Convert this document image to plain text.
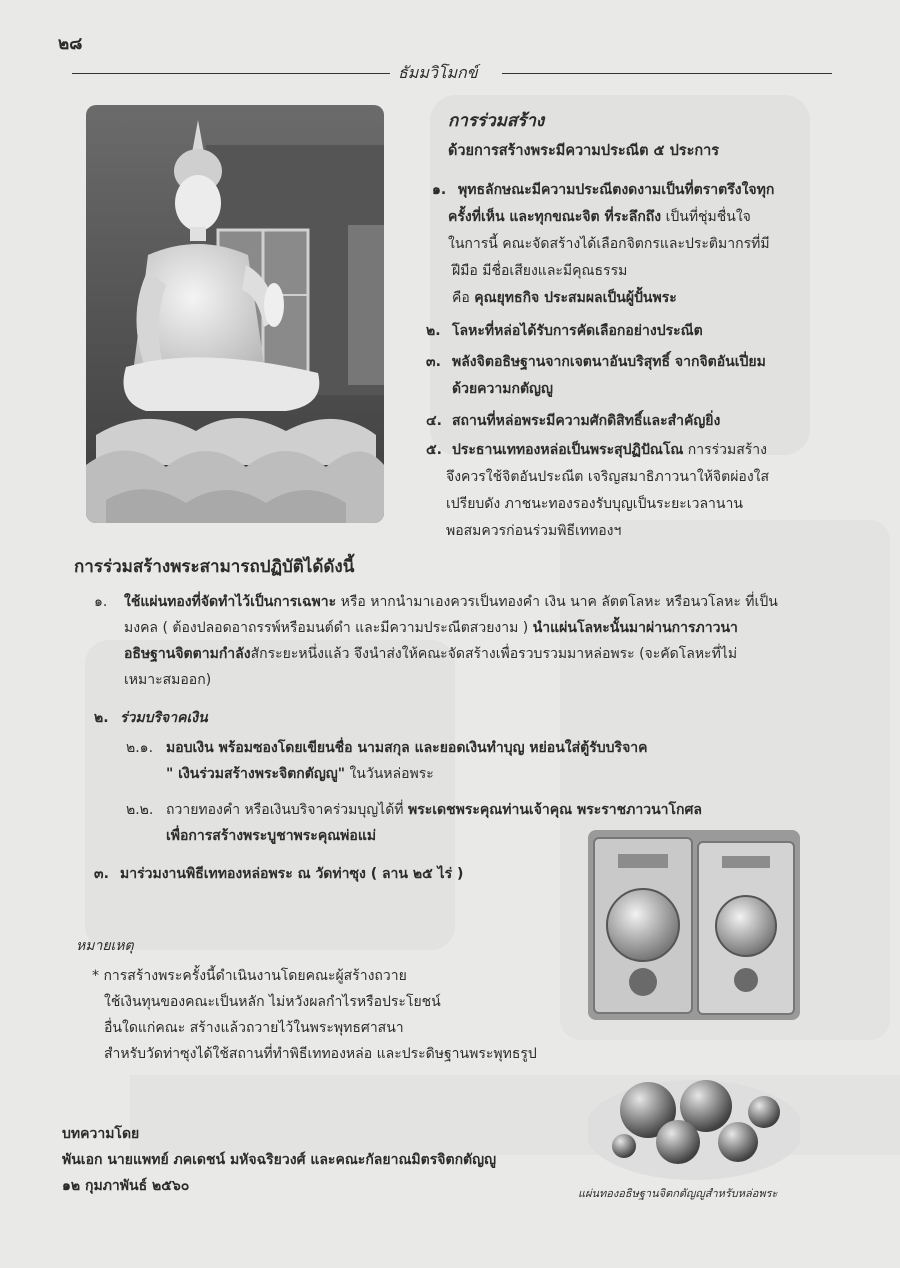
๒๘
ธัมมวิโมกข์
การร่วมสร้าง
ด้วยการสร้างพระมีความประณีต ๕ ประการ
๑. พุทธลักษณะมีความประณีตงดงามเป็นที่ตราตรึงใจทุก
ครั้งที่เห็น และทุกขณะจิต ที่ระลึกถึง เป็นที่ชุ่มชื่นใจ
ในการนี้ คณะจัดสร้างได้เลือกจิตกรและประติมากรที่มี
ฝีมือ มีชื่อเสียงและมีคุณธรรม
คือ คุณยุทธกิจ ประสมผลเป็นผู้ปั้นพระ
๒. โลหะที่หล่อได้รับการคัดเลือกอย่างประณีต
๓. พลังจิตอธิษฐานจากเจตนาอันบริสุทธิ์ จากจิตอันเปี่ยม
ด้วยความกตัญญู
๔. สถานที่หล่อพระมีความศักดิสิทธิ์และสำคัญยิ่ง
๕. ประธานเททองหล่อเป็นพระสุปฏิปัณโณ การร่วมสร้าง
จึงควรใช้จิตอันประณีต เจริญสมาธิภาวนาให้จิตผ่องใส
เปรียบดัง ภาชนะทองรองรับบุญเป็นระยะเวลานาน
พอสมควรก่อนร่วมพิธีเททองฯ
การร่วมสร้างพระสามารถปฏิบัติได้ดังนี้
๑. ใช้แผ่นทองที่จัดทำไว้เป็นการเฉพาะ หรือ หากนำมาเองควรเป็นทองคำ เงิน นาค ลัตตโลหะ หรือนวโลหะ ที่เป็น
มงคล ( ต้องปลอดอาถรรพ์หรือมนต์ดำ และมีความประณีตสวยงาม ) นำแผ่นโลหะนั้นมาผ่านการภาวนา
อธิษฐานจิตตามกำลังสักระยะหนึ่งแล้ว จึงนำส่งให้คณะจัดสร้างเพื่อรวบรวมมาหล่อพระ (จะคัดโลหะที่ไม่
เหมาะสมออก)
๒. ร่วมบริจาคเงิน
๒.๑. มอบเงิน พร้อมซองโดยเขียนชื่อ นามสกุล และยอดเงินทำบุญ หย่อนใส่ตู้รับบริจาค
" เงินร่วมสร้างพระจิตกตัญญู" ในวันหล่อพระ
๒.๒. ถวายทองคำ หรือเงินบริจาคร่วมบุญได้ที่ พระเดชพระคุณท่านเจ้าคุณ พระราชภาวนาโกศล
เพื่อการสร้างพระบูชาพระคุณพ่อแม่
๓. มาร่วมงานพิธีเททองหล่อพระ ณ วัดท่าซุง ( ลาน ๒๕ ไร่ )
หมายเหตุ
* การสร้างพระครั้งนี้ดำเนินงานโดยคณะผู้สร้างถวาย
ใช้เงินทุนของคณะเป็นหลัก ไม่หวังผลกำไรหรือประโยชน์
อื่นใดแก่คณะ สร้างแล้วถวายไว้ในพระพุทธศาสนา
สำหรับวัดท่าซุงได้ใช้สถานที่ทำพิธีเททองหล่อ และประดิษฐานพระพุทธรูป
บทความโดย
พันเอก นายแพทย์ ภคเดชน์ มหัจฉริยวงศ์ และคณะกัลยาณมิตรจิตกตัญญู
๑๒ กุมภาพันธ์ ๒๕๖๐	แผ่นทองอธิษฐานจิตกตัญญูสำหรับหล่อพระ
